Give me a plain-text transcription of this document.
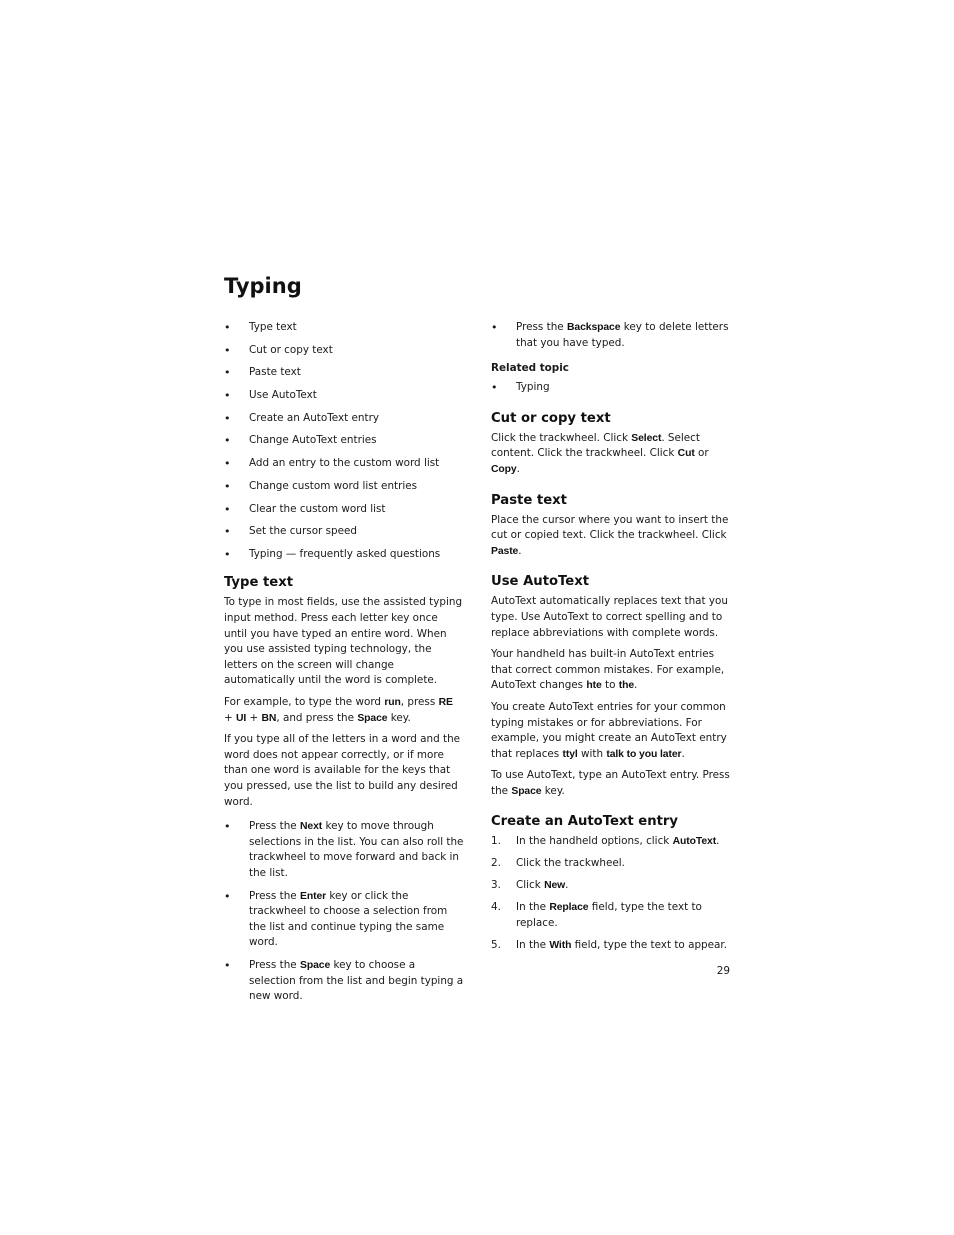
Typing
• Type text
• Cut or copy text
• Paste text
• Use AutoText
• Create an AutoText entry
• Change AutoText entries
• Add an entry to the custom word list
• Change custom word list entries
• Clear the custom word list
• Set the cursor speed
• Typing — frequently asked questions
Type text

To type in most fields, use the assisted typing input method. Press each letter key once until you have typed an entire word. When you use assisted typing technology, the letters on the screen will change automatically until the word is complete.

For example, to type the word run, press RE + UI + BN, and press the Space key.

If you type all of the letters in a word and the word does not appear correctly, or if more than one word is available for the keys that you pressed, use the list to build any desired word.

• Press the Next key to move through selections in the list. You can also roll the trackwheel to move forward and back in the list.
• Press the Enter key or click the trackwheel to choose a selection from the list and continue typing the same word.
• Press the Space key to choose a selection from the list and begin typing a new word.
• Press the Backspace key to delete letters that you have typed.
Related topic
• Typing
Cut or copy text

Click the trackwheel. Click Select. Select content. Click the trackwheel. Click Cut or Copy.

Paste text

Place the cursor where you want to insert the cut or copied text. Click the trackwheel. Click Paste.

Use AutoText

AutoText automatically replaces text that you type. Use AutoText to correct spelling and to replace abbreviations with complete words.

Your handheld has built-in AutoText entries that correct common mistakes. For example, AutoText changes hte to the.

You create AutoText entries for your common typing mistakes or for abbreviations. For example, you might create an AutoText entry that replaces ttyl with talk to you later.

To use AutoText, type an AutoText entry. Press the Space key.

Create an AutoText entry
1. In the handheld options, click AutoText.
2. Click the trackwheel.
3. Click New.
4. In the Replace field, type the text to replace.
5. In the With field, type the text to appear.
29
